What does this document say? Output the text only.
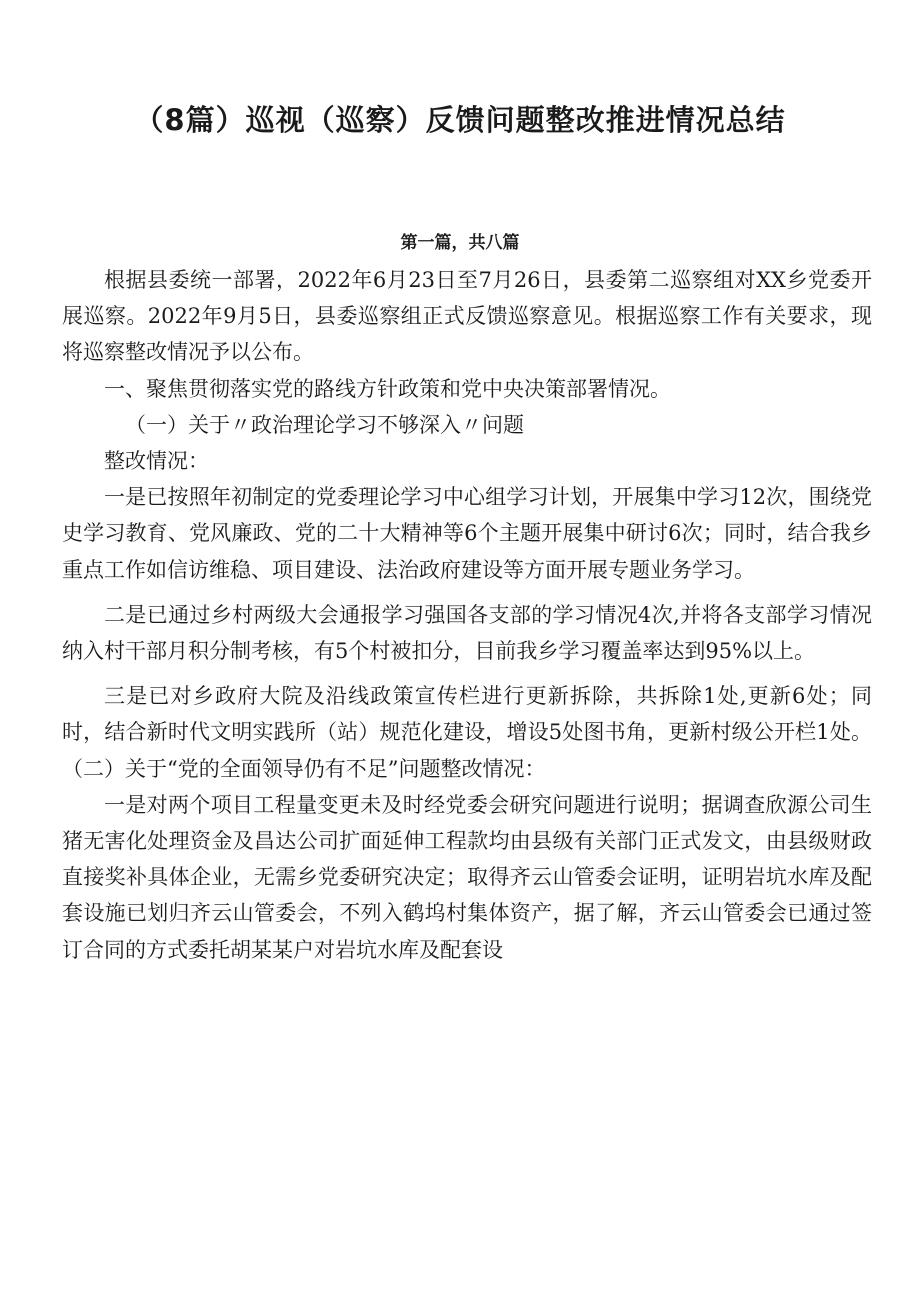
（8篇）巡视（巡察）反馈问题整改推进情况总结
第一篇，共八篇

根据县委统一部署，2022年6月23日至7月26日，县委第二巡察组对XX乡党委开展巡察。2022年9月5日，县委巡察组正式反馈巡察意见。根据巡察工作有关要求，现将巡察整改情况予以公布。

一、聚焦贯彻落实党的路线方针政策和党中央决策部署情况。

（一）关于〃政治理论学习不够深入〃问题

整改情况：

一是已按照年初制定的党委理论学习中心组学习计划，开展集中学习12次，围绕党史学习教育、党风廉政、党的二十大精神等6个主题开展集中研讨6次；同时，结合我乡重点工作如信访维稳、项目建设、法治政府建设等方面开展专题业务学习。

二是已通过乡村两级大会通报学习强国各支部的学习情况4次,并将各支部学习情况纳入村干部月积分制考核，有5个村被扣分，目前我乡学习覆盖率达到95%以上。

三是已对乡政府大院及沿线政策宣传栏进行更新拆除，共拆除1处,更新6处；同时，结合新时代文明实践所（站）规范化建设，增设5处图书角，更新村级公开栏1处。（二）关于“党的全面领导仍有不足”问题整改情况：

一是对两个项目工程量变更未及时经党委会研究问题进行说明；据调查欣源公司生猪无害化处理资金及昌达公司扩面延伸工程款均由县级有关部门正式发文，由县级财政直接奖补具体企业，无需乡党委研究决定；取得齐云山管委会证明，证明岩坑水库及配套设施已划归齐云山管委会，不列入鹤坞村集体资产，据了解，齐云山管委会已通过签订合同的方式委托胡某某户对岩坑水库及配套设
